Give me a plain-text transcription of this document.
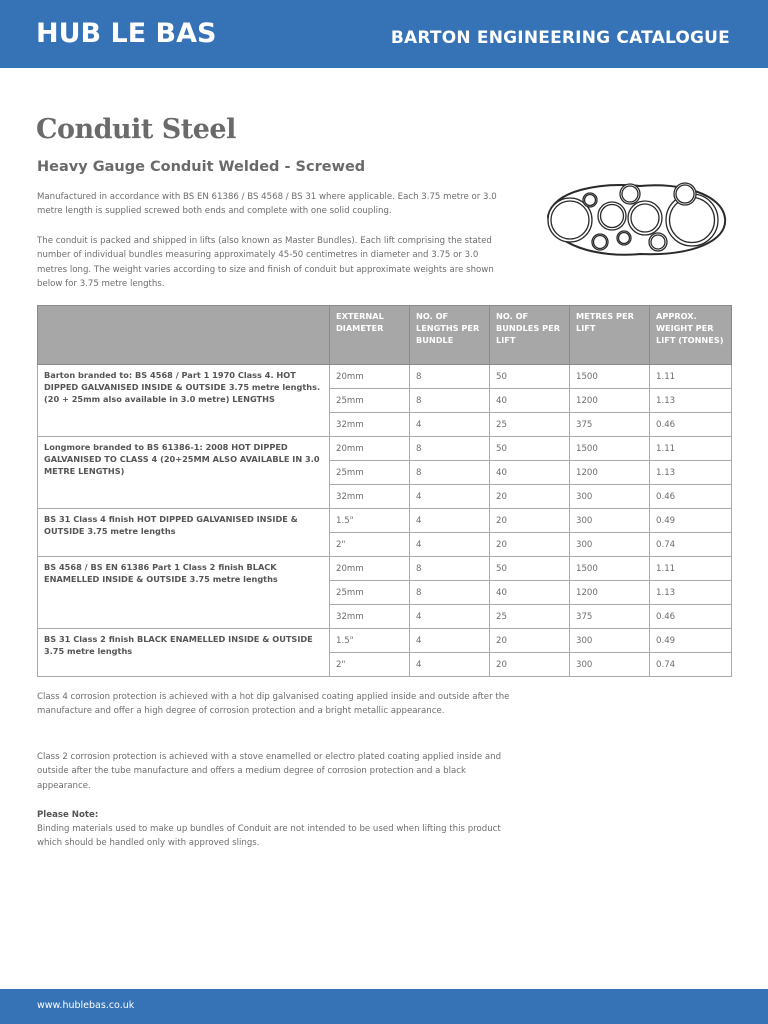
HUB LE BAS	BARTON ENGINEERING CATALOGUE
Conduit Steel
Heavy Gauge Conduit Welded - Screwed

Manufactured in accordance with BS EN 61386 / BS 4568 / BS 31 where applicable. Each 3.75 metre or 3.0 metre length is supplied screwed both ends and complete with one solid coupling.

The conduit is packed and shipped in lifts (also known as Master Bundles). Each lift comprising the stated number of individual bundles measuring approximately 45-50 centimetres in diameter and 3.75 or 3.0 metres long. The weight varies according to size and finish of conduit but approximate weights are shown below for 3.75 metre lengths.

	EXTERNAL DIAMETER	NO. OF LENGTHS PER BUNDLE	NO. OF BUNDLES PER LIFT	METRES PER LIFT	APPROX. WEIGHT PER LIFT (TONNES)
Barton branded to: BS 4568 / Part 1 1970 Class 4. HOT DIPPED GALVANISED INSIDE & OUTSIDE 3.75 metre lengths. (20 + 25mm also available in 3.0 metre) LENGTHS	20mm	8	50	1500	1.11
	25mm	8	40	1200	1.13
	32mm	4	25	375	0.46
Longmore branded to BS 61386-1: 2008 HOT DIPPED GALVANISED TO CLASS 4 (20+25MM ALSO AVAILABLE IN 3.0 METRE LENGTHS)	20mm	8	50	1500	1.11
	25mm	8	40	1200	1.13
	32mm	4	20	300	0.46
BS 31 Class 4 finish HOT DIPPED GALVANISED INSIDE & OUTSIDE 3.75 metre lengths	1.5"	4	20	300	0.49
	2"	4	20	300	0.74
BS 4568 / BS EN 61386 Part 1 Class 2 finish BLACK ENAMELLED INSIDE & OUTSIDE 3.75 metre lengths	20mm	8	50	1500	1.11
	25mm	8	40	1200	1.13
	32mm	4	25	375	0.46
BS 31 Class 2 finish BLACK ENAMELLED INSIDE & OUTSIDE 3.75 metre lengths	1.5"	4	20	300	0.49
	2"	4	20	300	0.74

Class 4 corrosion protection is achieved with a hot dip galvanised coating applied inside and outside after the manufacture and offer a high degree of corrosion protection and a bright metallic appearance.

Class 2 corrosion protection is achieved with a stove enamelled or electro plated coating applied inside and outside after the tube manufacture and offers a medium degree of corrosion protection and a black appearance.

Please Note:

Binding materials used to make up bundles of Conduit are not intended to be used when lifting this product which should be handled only with approved slings.

www.hublebas.co.uk
